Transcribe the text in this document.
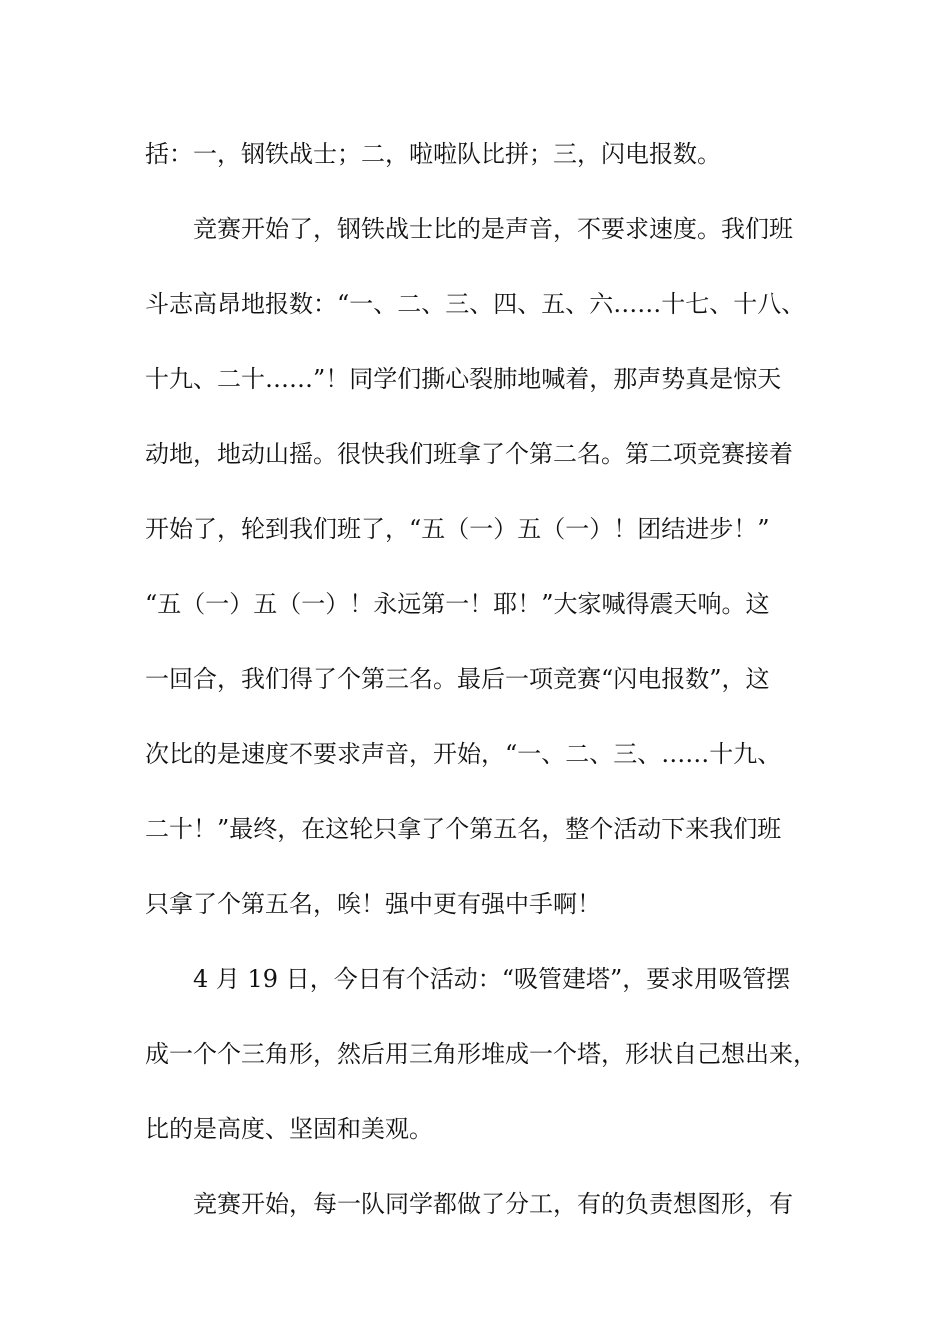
括：一，钢铁战士；二，啦啦队比拼；三，闪电报数。
竞赛开始了，钢铁战士比的是声音，不要求速度。我们班
斗志高昂地报数：“一、二、三、四、五、六……十七、十八、
十九、二十……”！同学们撕心裂肺地喊着，那声势真是惊天
动地，地动山摇。很快我们班拿了个第二名。第二项竞赛接着
开始了，轮到我们班了，“五（一）五（一）！团结进步！”
“五（一）五（一）！永远第一！耶！”大家喊得震天响。这
一回合，我们得了个第三名。最后一项竞赛“闪电报数”，这
次比的是速度不要求声音，开始，“一、二、三、……十九、
二十！”最终，在这轮只拿了个第五名，整个活动下来我们班
只拿了个第五名，唉！强中更有强中手啊！
4 月 19 日，今日有个活动：“吸管建塔”，要求用吸管摆
成一个个三角形，然后用三角形堆成一个塔，形状自己想出来，
比的是高度、坚固和美观。
竞赛开始，每一队同学都做了分工，有的负责想图形，有
